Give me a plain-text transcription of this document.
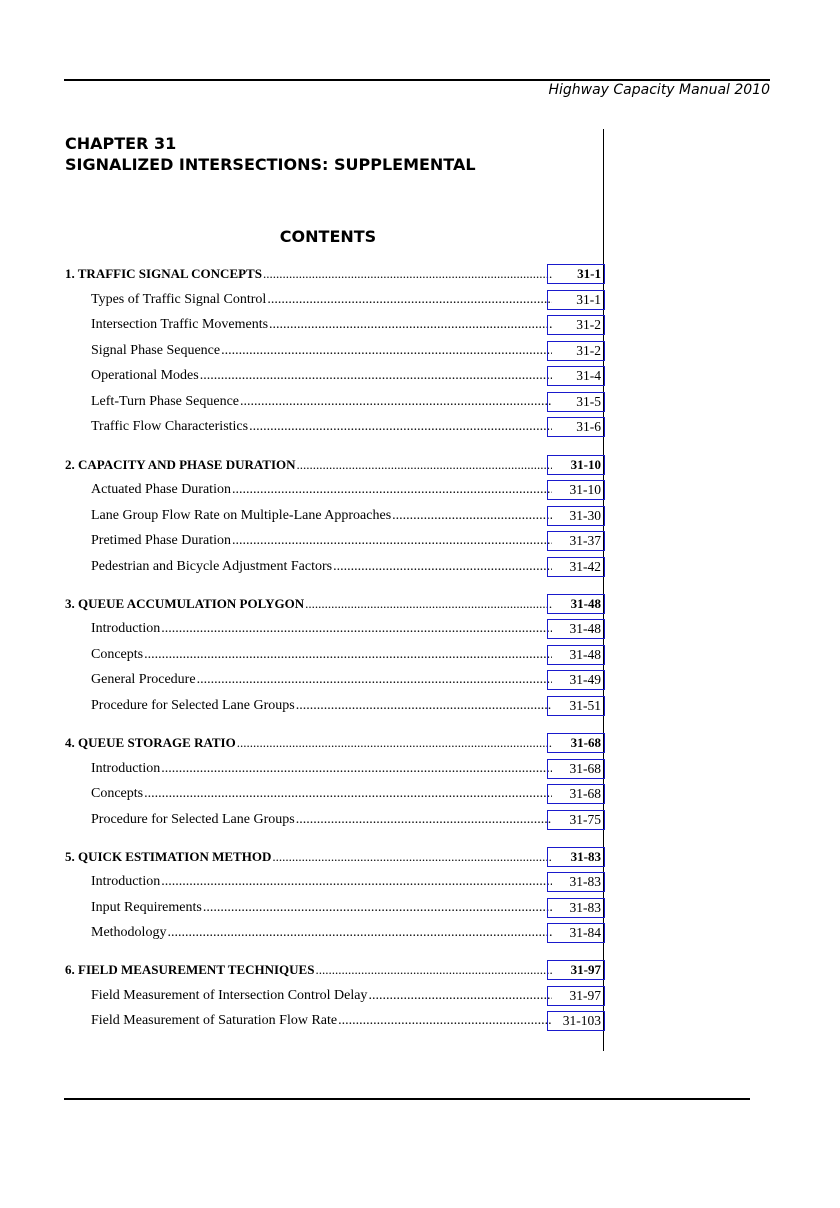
Highway Capacity Manual 2010
CHAPTER 31
SIGNALIZED INTERSECTIONS: SUPPLEMENTAL
CONTENTS
1. TRAFFIC SIGNAL CONCEPTS .....	31-1
Types of Traffic Signal Control .....	31-1
Intersection Traffic Movements .....	31-2
Signal Phase Sequence .....	31-2
Operational Modes .....	31-4
Left-Turn Phase Sequence .....	31-5
Traffic Flow Characteristics .....	31-6
2. CAPACITY AND PHASE DURATION .....	31-10
Actuated Phase Duration .....	31-10
Lane Group Flow Rate on Multiple-Lane Approaches .....	31-30
Pretimed Phase Duration .....	31-37
Pedestrian and Bicycle Adjustment Factors .....	31-42
3. QUEUE ACCUMULATION POLYGON .....	31-48
Introduction .....	31-48
Concepts .....	31-48
General Procedure .....	31-49
Procedure for Selected Lane Groups .....	31-51
4. QUEUE STORAGE RATIO .....	31-68
Introduction .....	31-68
Concepts .....	31-68
Procedure for Selected Lane Groups .....	31-75
5. QUICK ESTIMATION METHOD .....	31-83
Introduction .....	31-83
Input Requirements .....	31-83
Methodology .....	31-84
6. FIELD MEASUREMENT TECHNIQUES .....	31-97
Field Measurement of Intersection Control Delay .....	31-97
Field Measurement of Saturation Flow Rate .....	31-103
